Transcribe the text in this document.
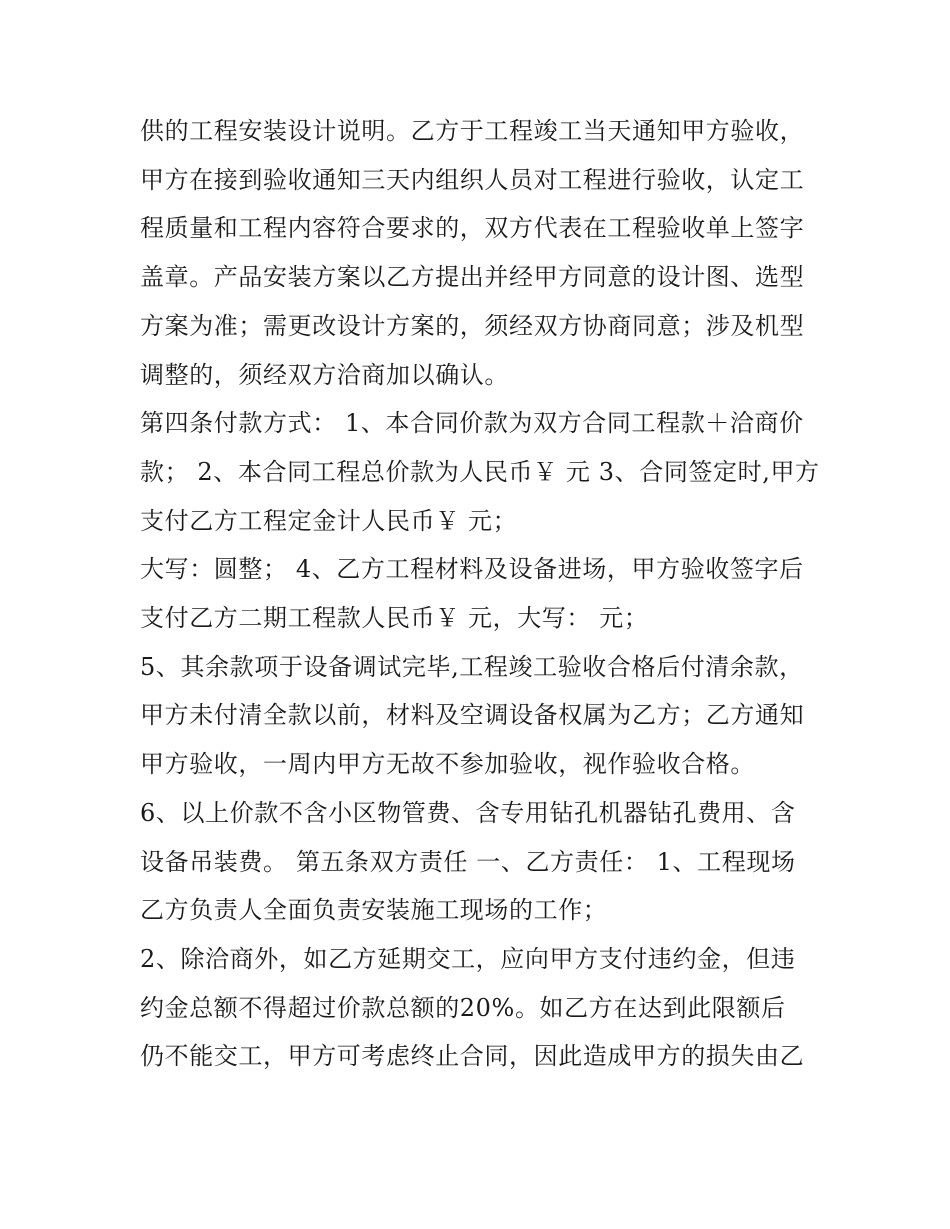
供的工程安装设计说明。乙方于工程竣工当天通知甲方验收，
甲方在接到验收通知三天内组织人员对工程进行验收，认定工
程质量和工程内容符合要求的，双方代表在工程验收单上签字
盖章。产品安装方案以乙方提出并经甲方同意的设计图、选型
方案为准；需更改设计方案的，须经双方协商同意；涉及机型
调整的，须经双方洽商加以确认。
第四条付款方式： 1、本合同价款为双方合同工程款＋洽商价
款； 2、本合同工程总价款为人民币￥ 元 3、合同签定时,甲方
支付乙方工程定金计人民币￥ 元；
大写：圆整； 4、乙方工程材料及设备进场，甲方验收签字后
支付乙方二期工程款人民币￥ 元，大写： 元；
5、其余款项于设备调试完毕,工程竣工验收合格后付清余款，
甲方未付清全款以前，材料及空调设备权属为乙方；乙方通知
甲方验收，一周内甲方无故不参加验收，视作验收合格。
6、以上价款不含小区物管费、含专用钻孔机器钻孔费用、含
设备吊装费。 第五条双方责任 一、乙方责任： 1、工程现场
乙方负责人全面负责安装施工现场的工作；
2、除洽商外，如乙方延期交工，应向甲方支付违约金，但违
约金总额不得超过价款总额的20%。如乙方在达到此限额后
仍不能交工，甲方可考虑终止合同，因此造成甲方的损失由乙
